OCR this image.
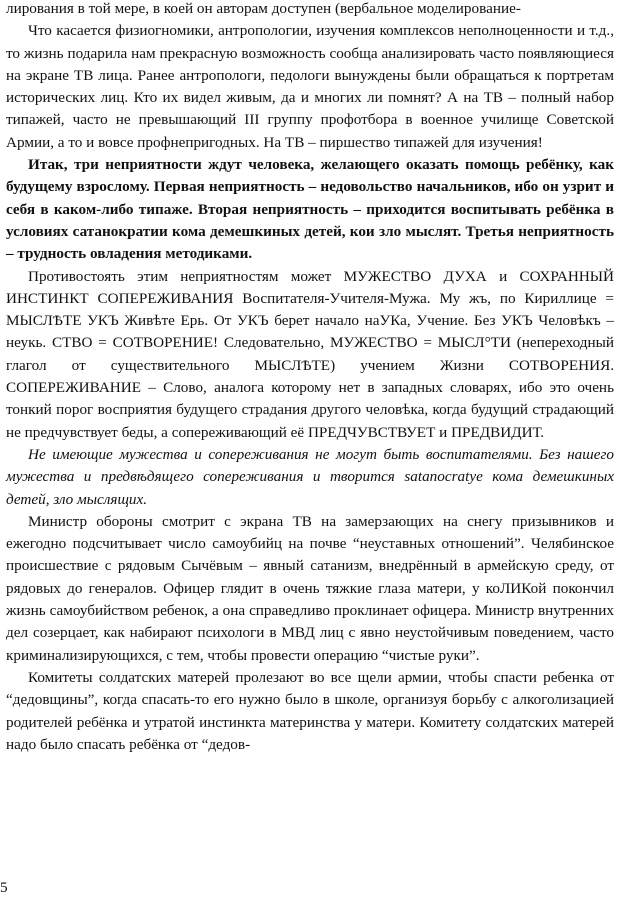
лирования в той мере, в коей он авторам доступен (вербальное моделирование-

Что касается физиогномики, антропологии, изучения комплексов неполноценности и т.д., то жизнь подарила нам прекрасную возможность сообща анализировать часто появляющиеся на экране ТВ лица. Ранее антропологи, педологи вынуждены были обращаться к портретам исторических лиц. Кто их видел живым, да и многих ли помнят? А на ТВ – полный набор типажей, часто не превышающий III группу профотбора в военное училище Советской Армии, а то и вовсе профнепригодных. На ТВ – пиршество типажей для изучения!

Итак, три неприятности ждут человека, желающего оказать помощь ребёнку, как будущему взрослому. Первая неприятность – недовольство начальников, ибо он узрит и себя в каком-либо типаже. Вторая неприятность – приходится воспитывать ребёнка в условиях сатанократии кома демешкиных детей, кои зло мыслят. Третья неприятность – трудность овладения методиками.

Противостоять этим неприятностям может МУЖЕСТВО ДУХА и СОХРАННЫЙ ИНСТИНКТ СОПЕРЕЖИВАНИЯ Воспитателя-Учителя-Мужа. Му жъ, по Кириллице = МЫСЛѢТЕ УКЪ Живѣте Ерь. От УКЪ берет начало наУКа, Учение. Без УКЪ Человѣкъ – неукь. СТВО = СОТВОРЕНИЕ! Следовательно, МУЖЕСТВО = МЫСЛ°ТИ (непереходный глагол от существительного МЫСЛѢТЕ) учением Жизни СОТВОРЕНИЯ. СОПЕРЕЖИВАНИЕ – Слово, аналога которому нет в западных словарях, ибо это очень тонкий порог восприятия будущего страдания другого человѣка, когда будущий страдающий не предчувствует беды, а сопереживающий её ПРЕДЧУВСТВУЕТ и ПРЕДВИДИТ.

Не имеющие мужества и сопереживания не могут быть воспитателями. Без нашего мужества и предвѣдящего сопереживания и творится satanocratye кома демешкиных детей, зло мыслящих.

Министр обороны смотрит с экрана ТВ на замерзающих на снегу призывников и ежегодно подсчитывает число самоубийц на почве “неуставных отношений”. Челябинское происшествие с рядовым Сычёвым – явный сатанизм, внедрённый в армейскую среду, от рядовых до генералов. Офицер глядит в очень тяжкие глаза матери, у коЛИКой покончил жизнь самоубийством ребенок, а она справедливо проклинает офицера. Министр внутренних дел созерцает, как набирают психологи в МВД лиц с явно неустойчивым поведением, часто криминализирующихся, с тем, чтобы провести операцию “чистые руки”.

Комитеты солдатских матерей пролезают во все щели армии, чтобы спасти ребенка от “дедовщины”, когда спасать-то его нужно было в школе, организуя борьбу с алкоголизацией родителей ребёнка и утратой инстинкта материнства у матери. Комитету солдатских матерей надо было спасать ребёнка от “дедов-

5
